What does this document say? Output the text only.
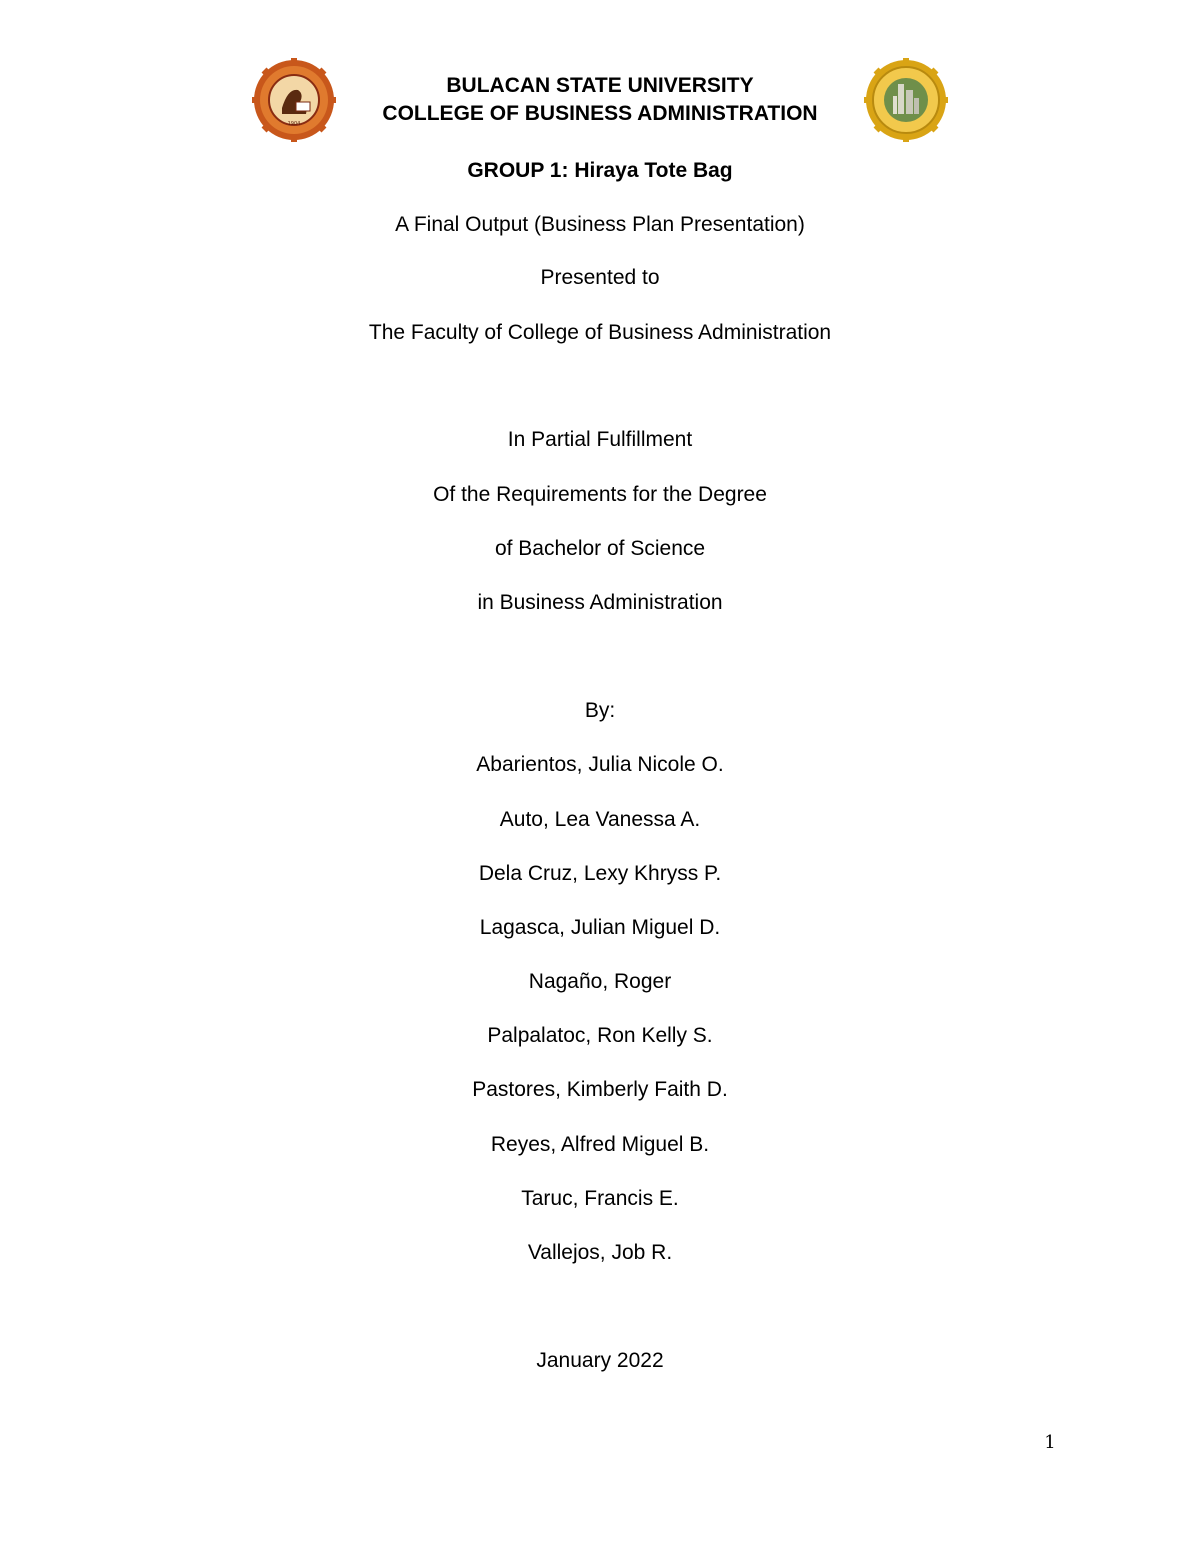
1904
BULACAN STATE UNIVERSITY
COLLEGE OF BUSINESS ADMINISTRATION
GROUP 1: Hiraya Tote Bag
A Final Output (Business Plan Presentation)
Presented to
The Faculty of College of Business Administration
In Partial Fulfillment
Of the Requirements for the Degree
of Bachelor of Science
in Business Administration
By:
Abarientos, Julia Nicole O.
Auto, Lea Vanessa A.
Dela Cruz, Lexy Khryss P.
Lagasca, Julian Miguel D.
Nagaño, Roger
Palpalatoc, Ron Kelly S.
Pastores, Kimberly Faith D.
Reyes, Alfred Miguel B.
Taruc, Francis E.
Vallejos, Job R.
January 2022
1
